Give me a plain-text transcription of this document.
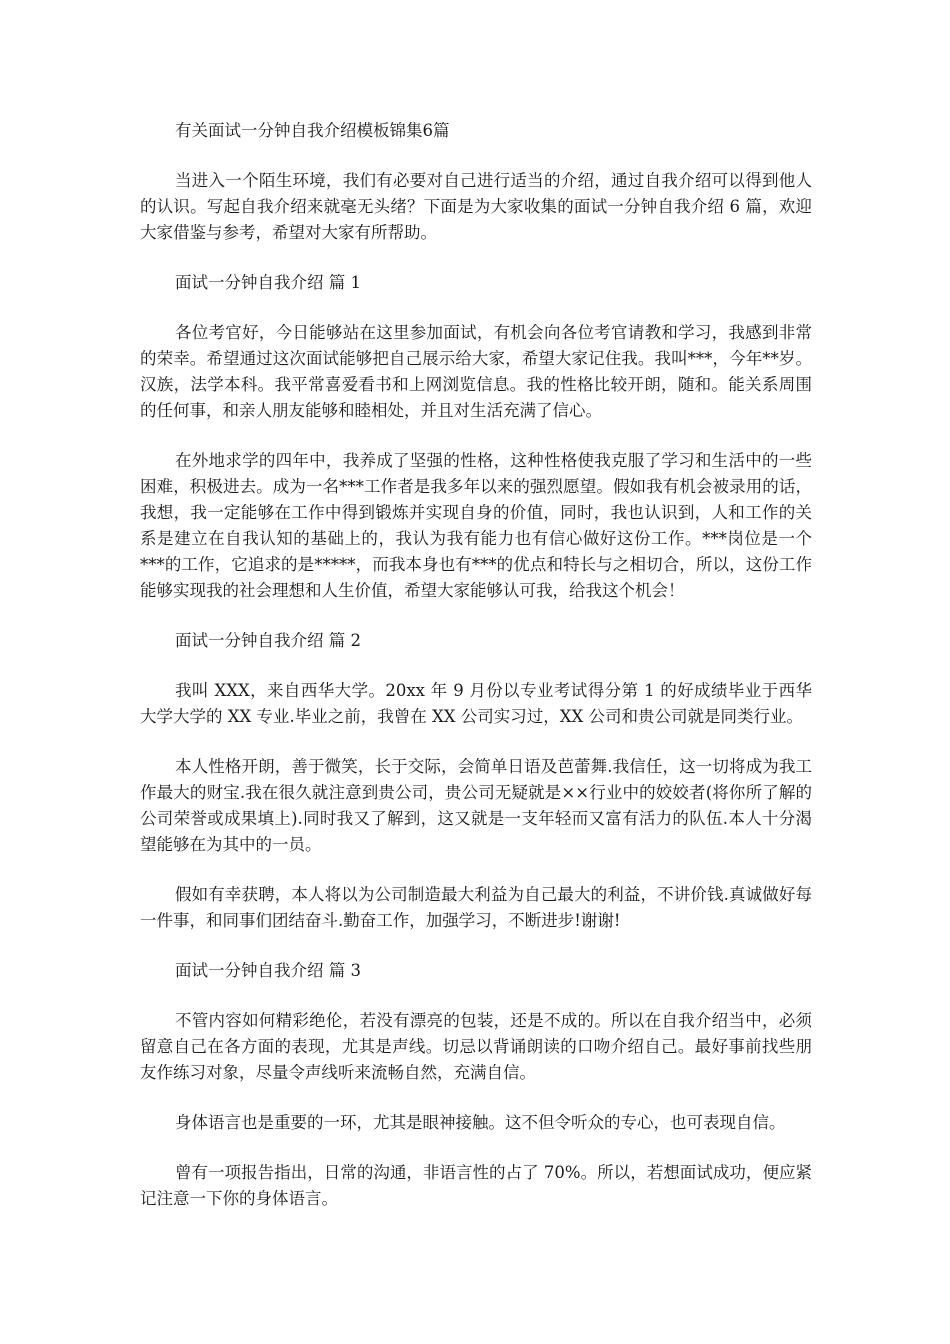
有关面试一分钟自我介绍模板锦集6篇

当进入一个陌生环境，我们有必要对自己进行适当的介绍，通过自我介绍可以得到他人的认识。写起自我介绍来就毫无头绪？下面是为大家收集的面试一分钟自我介绍 6 篇，欢迎大家借鉴与参考，希望对大家有所帮助。

面试一分钟自我介绍 篇 1

各位考官好，今日能够站在这里参加面试，有机会向各位考官请教和学习，我感到非常的荣幸。希望通过这次面试能够把自己展示给大家，希望大家记住我。我叫***，今年**岁。汉族，法学本科。我平常喜爱看书和上网浏览信息。我的性格比较开朗，随和。能关系周围的任何事，和亲人朋友能够和睦相处，并且对生活充满了信心。

在外地求学的四年中，我养成了坚强的性格，这种性格使我克服了学习和生活中的一些困难，积极进去。成为一名***工作者是我多年以来的强烈愿望。假如我有机会被录用的话，我想，我一定能够在工作中得到锻炼并实现自身的价值，同时，我也认识到，人和工作的关系是建立在自我认知的基础上的，我认为我有能力也有信心做好这份工作。***岗位是一个***的工作，它追求的是*****，而我本身也有***的优点和特长与之相切合，所以，这份工作能够实现我的社会理想和人生价值，希望大家能够认可我，给我这个机会！

面试一分钟自我介绍 篇 2

我叫 XXX，来自西华大学。20xx 年 9 月份以专业考试得分第 1 的好成绩毕业于西华大学大学的 XX 专业.毕业之前，我曾在 XX 公司实习过，XX 公司和贵公司就是同类行业。

本人性格开朗，善于微笑，长于交际，会简单日语及芭蕾舞.我信任，这一切将成为我工作最大的财宝.我在很久就注意到贵公司，贵公司无疑就是××行业中的姣姣者(将你所了解的公司荣誉或成果填上).同时我又了解到，这又就是一支年轻而又富有活力的队伍.本人十分渴望能够在为其中的一员。

假如有幸获聘，本人将以为公司制造最大利益为自己最大的利益，不讲价钱.真诚做好每一件事，和同事们团结奋斗.勤奋工作，加强学习，不断进步!谢谢!

面试一分钟自我介绍 篇 3

不管内容如何精彩绝伦，若没有漂亮的包装，还是不成的。所以在自我介绍当中，必须留意自己在各方面的表现，尤其是声线。切忌以背诵朗读的口吻介绍自己。最好事前找些朋友作练习对象，尽量令声线听来流畅自然，充满自信。

身体语言也是重要的一环，尤其是眼神接触。这不但令听众的专心，也可表现自信。

曾有一项报告指出，日常的沟通，非语言性的占了 70%。所以，若想面试成功，便应紧记注意一下你的身体语言。
